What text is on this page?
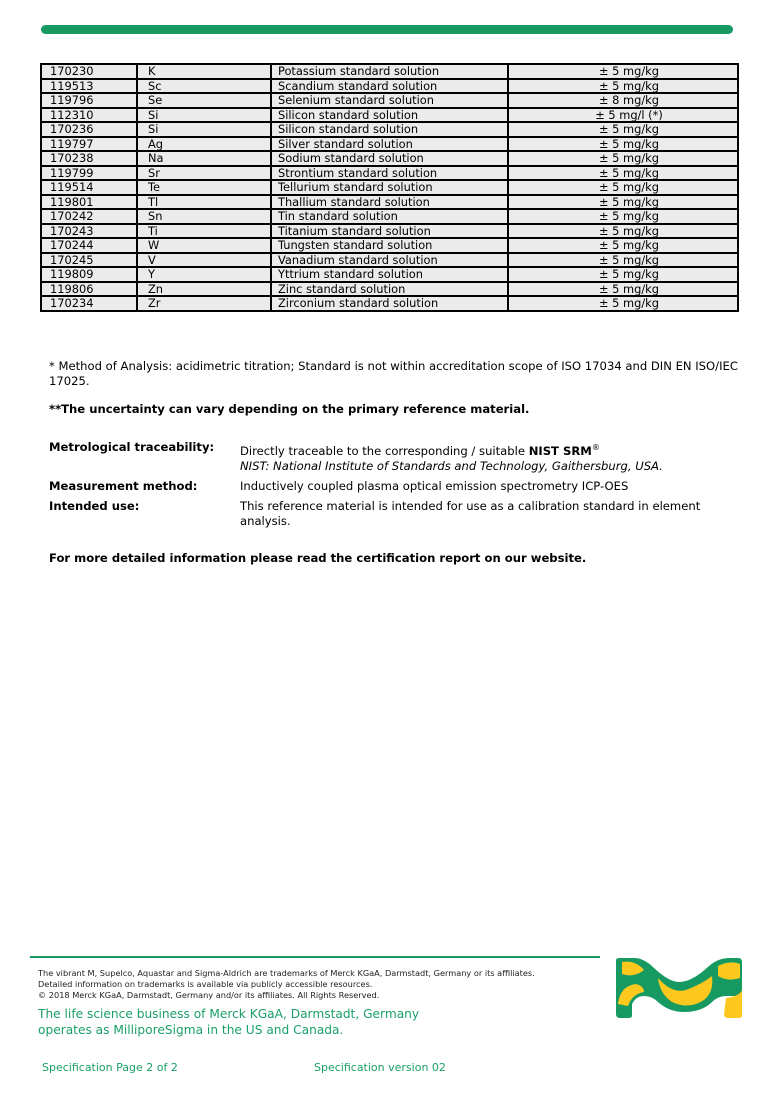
170230	K	Potassium standard solution	± 5 mg/kg
119513	Sc	Scandium standard solution	± 5 mg/kg
119796	Se	Selenium standard solution	± 8 mg/kg
112310	Si	Silicon standard solution	± 5 mg/l (*)
170236	Si	Silicon standard solution	± 5 mg/kg
119797	Ag	Silver standard solution	± 5 mg/kg
170238	Na	Sodium standard solution	± 5 mg/kg
119799	Sr	Strontium standard solution	± 5 mg/kg
119514	Te	Tellurium standard solution	± 5 mg/kg
119801	Tl	Thallium standard solution	± 5 mg/kg
170242	Sn	Tin standard solution	± 5 mg/kg
170243	Ti	Titanium standard solution	± 5 mg/kg
170244	W	Tungsten standard solution	± 5 mg/kg
170245	V	Vanadium standard solution	± 5 mg/kg
119809	Y	Yttrium standard solution	± 5 mg/kg
119806	Zn	Zinc standard solution	± 5 mg/kg
170234	Zr	Zirconium standard solution	± 5 mg/kg
* Method of Analysis: acidimetric titration; Standard is not within accreditation scope of ISO 17034 and DIN EN ISO/IEC 17025.
**The uncertainty can vary depending on the primary reference material.
Metrological traceability:	Directly traceable to the corresponding / suitable NIST SRM®
NIST: National Institute of Standards and Technology, Gaithersburg, USA.
Measurement method:	Inductively coupled plasma optical emission spectrometry ICP-OES
Intended use:	This reference material is intended for use as a calibration standard in element analysis.
For more detailed information please read the certification report on our website.
The vibrant M, Supelco, Aquastar and Sigma-Aldrich are trademarks of Merck KGaA, Darmstadt, Germany or its affiliates.
Detailed information on trademarks is available via publicly accessible resources.
© 2018 Merck KGaA, Darmstadt, Germany and/or its affiliates. All Rights Reserved.
The life science business of Merck KGaA, Darmstadt, Germany
operates as MilliporeSigma in the US and Canada.
Specification Page 2 of 2	Specification version 02
